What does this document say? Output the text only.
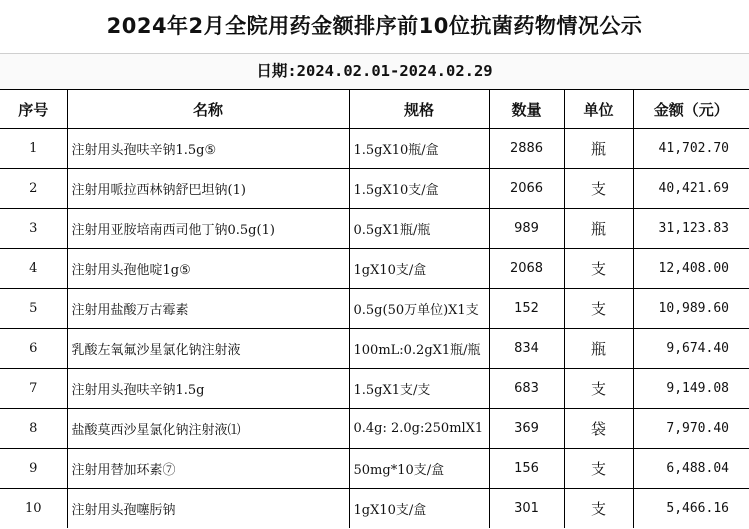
2024年2月全院用药金额排序前10位抗菌药物情况公示
日期:2024.02.01-2024.02.29
序号	名称	规格	数量	单位	金额（元）
1	注射用头孢呋辛钠1.5g⑤	1.5gX10瓶/盒	2886	瓶	41,702.70
2	注射用哌拉西林钠舒巴坦钠(1)	1.5gX10支/盒	2066	支	40,421.69
3	注射用亚胺培南西司他丁钠0.5g(1)	0.5gX1瓶/瓶	989	瓶	31,123.83
4	注射用头孢他啶1g⑤	1gX10支/盒	2068	支	12,408.00
5	注射用盐酸万古霉素	0.5g(50万单位)X1支	152	支	10,989.60
6	乳酸左氧氟沙星氯化钠注射液	100mL:0.2gX1瓶/瓶	834	瓶	9,674.40
7	注射用头孢呋辛钠1.5g	1.5gX1支/支	683	支	9,149.08
8	盐酸莫西沙星氯化钠注射液⑴	0.4g: 2.0g:250mlX1	369	袋	7,970.40
9	注射用替加环素⑦	50mg*10支/盒	156	支	6,488.04
10	注射用头孢噻肟钠	1gX10支/盒	301	支	5,466.16
